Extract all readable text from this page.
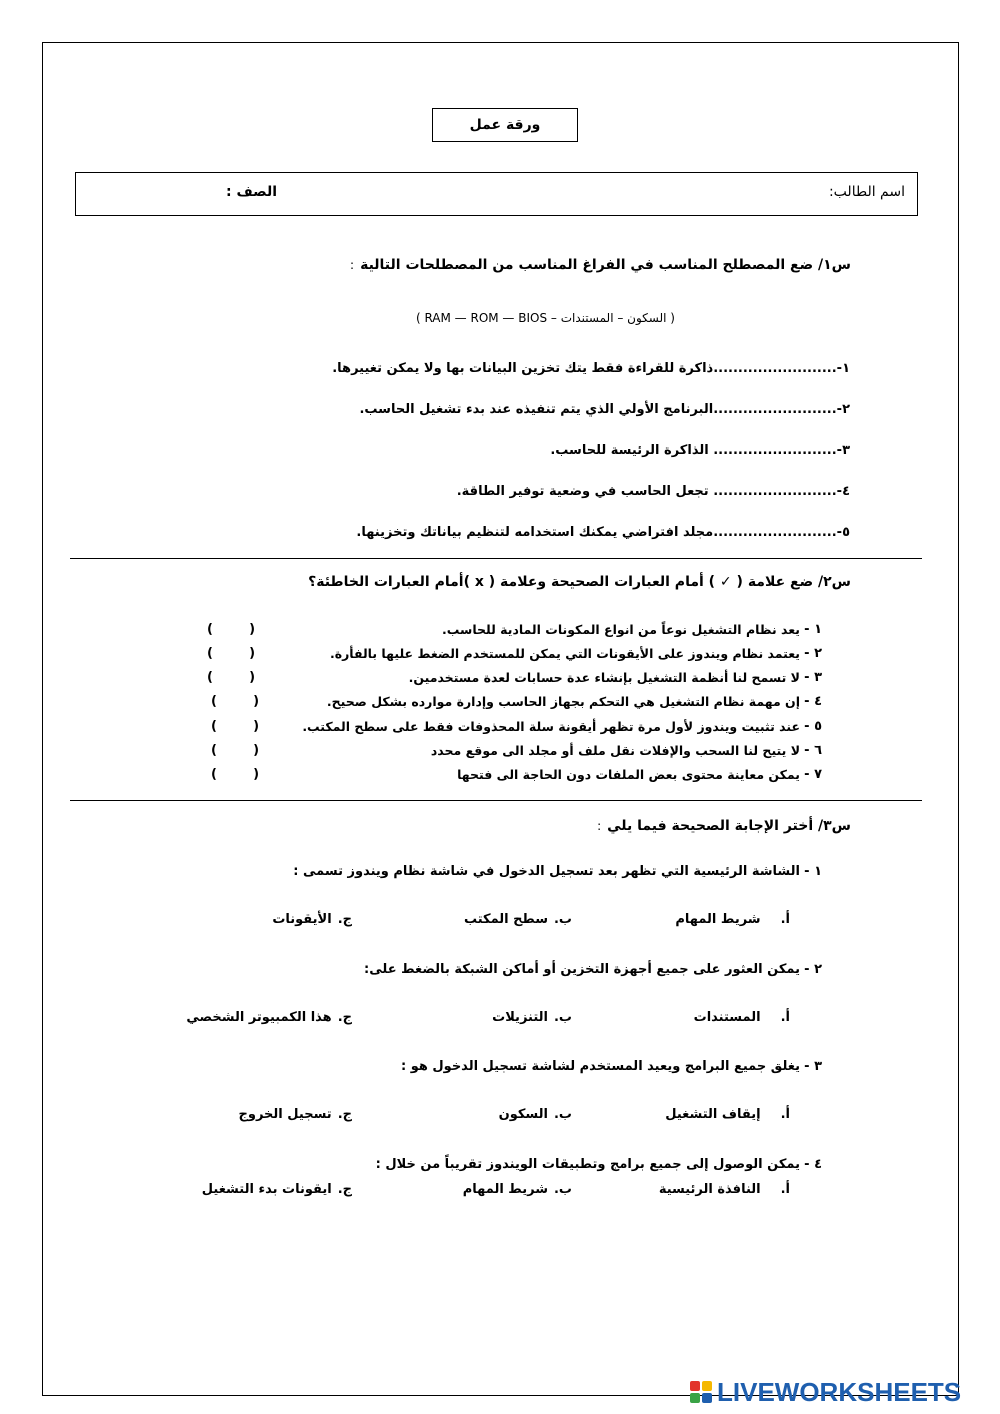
ورقة عمل
اسم الطالب:
الصف :
س١/ ضع المصطلح المناسب في الفراغ المناسب من المصطلحات التالية:
( السكون – المستندات – RAM — ROM — BIOS )
١-.........................ذاكرة للقراءة فقط يتك تخزين البيانات بها ولا يمكن تغييرها.
٢-.........................البرنامج الأولي الذي يتم تنفيذه عند بدء تشغيل الحاسب.
٣-......................... الذاكرة الرئيسة للحاسب.
٤-......................... تجعل الحاسب في وضعية توفير الطاقة.
٥-.........................مجلد افتراضي يمكنك استخدامه لتنظيم بياناتك وتخزينها.
س٢/ ضع علامة ( ✓ ) أمام العبارات الصحيحة وعلامة ( x )أمام العبارات الخاطئة؟
١ -
يعد نظام التشغيل نوعاً من انواع المكونات المادية للحاسب.
(        )
٢ -
يعتمد نظام ويندوز على الأيقونات التي يمكن للمستخدم الضغط عليها بالفأرة.
(        )
٣ -
لا تسمح لنا أنظمة التشغيل بإنشاء عدة حسابات لعدة مستخدمين.
(        )
٤ -
إن مهمة نظام التشغيل هي التحكم بجهاز الحاسب وإدارة موارده بشكل صحيح.
(        )
٥ -
عند تثبيت ويندوز لأول مرة تظهر أيقونة سلة المحذوفات فقط على سطح المكتب.
(        )
٦ -
لا يتيح لنا السحب والإفلات نقل ملف أو مجلد الى موقع محدد
(        )
٧ -
يمكن معاينة محتوى بعض الملفات دون الحاجة الى فتحها
(        )
س٣/ أختر الإجابة الصحيحة فيما يلي:
١ -
الشاشة الرئيسية التي تظهر بعد تسجيل الدخول في شاشة نظام ويندوز تسمى :
أ.شريط المهام
ب.سطح المكتب
ج.الأيقونات
٢ -
يمكن العثور على جميع أجهزة التخزين أو أماكن الشبكة بالضغط على:
أ.المستندات
ب.التنزيلات
ج.هذا الكمبيوتر الشخصي
٣ -
يغلق جميع البرامج ويعيد المستخدم لشاشة تسجيل الدخول هو :
أ.إيقاف التشغيل
ب.السكون
ج.تسجيل الخروج
٤ -
يمكن الوصول إلى جميع برامج وتطبيقات الويندوز تقريباً من خلال :
أ.النافذة الرئيسية
ب.شريط المهام
ج.ايقونات بدء التشغيل
LIVEWORKSHEETS
